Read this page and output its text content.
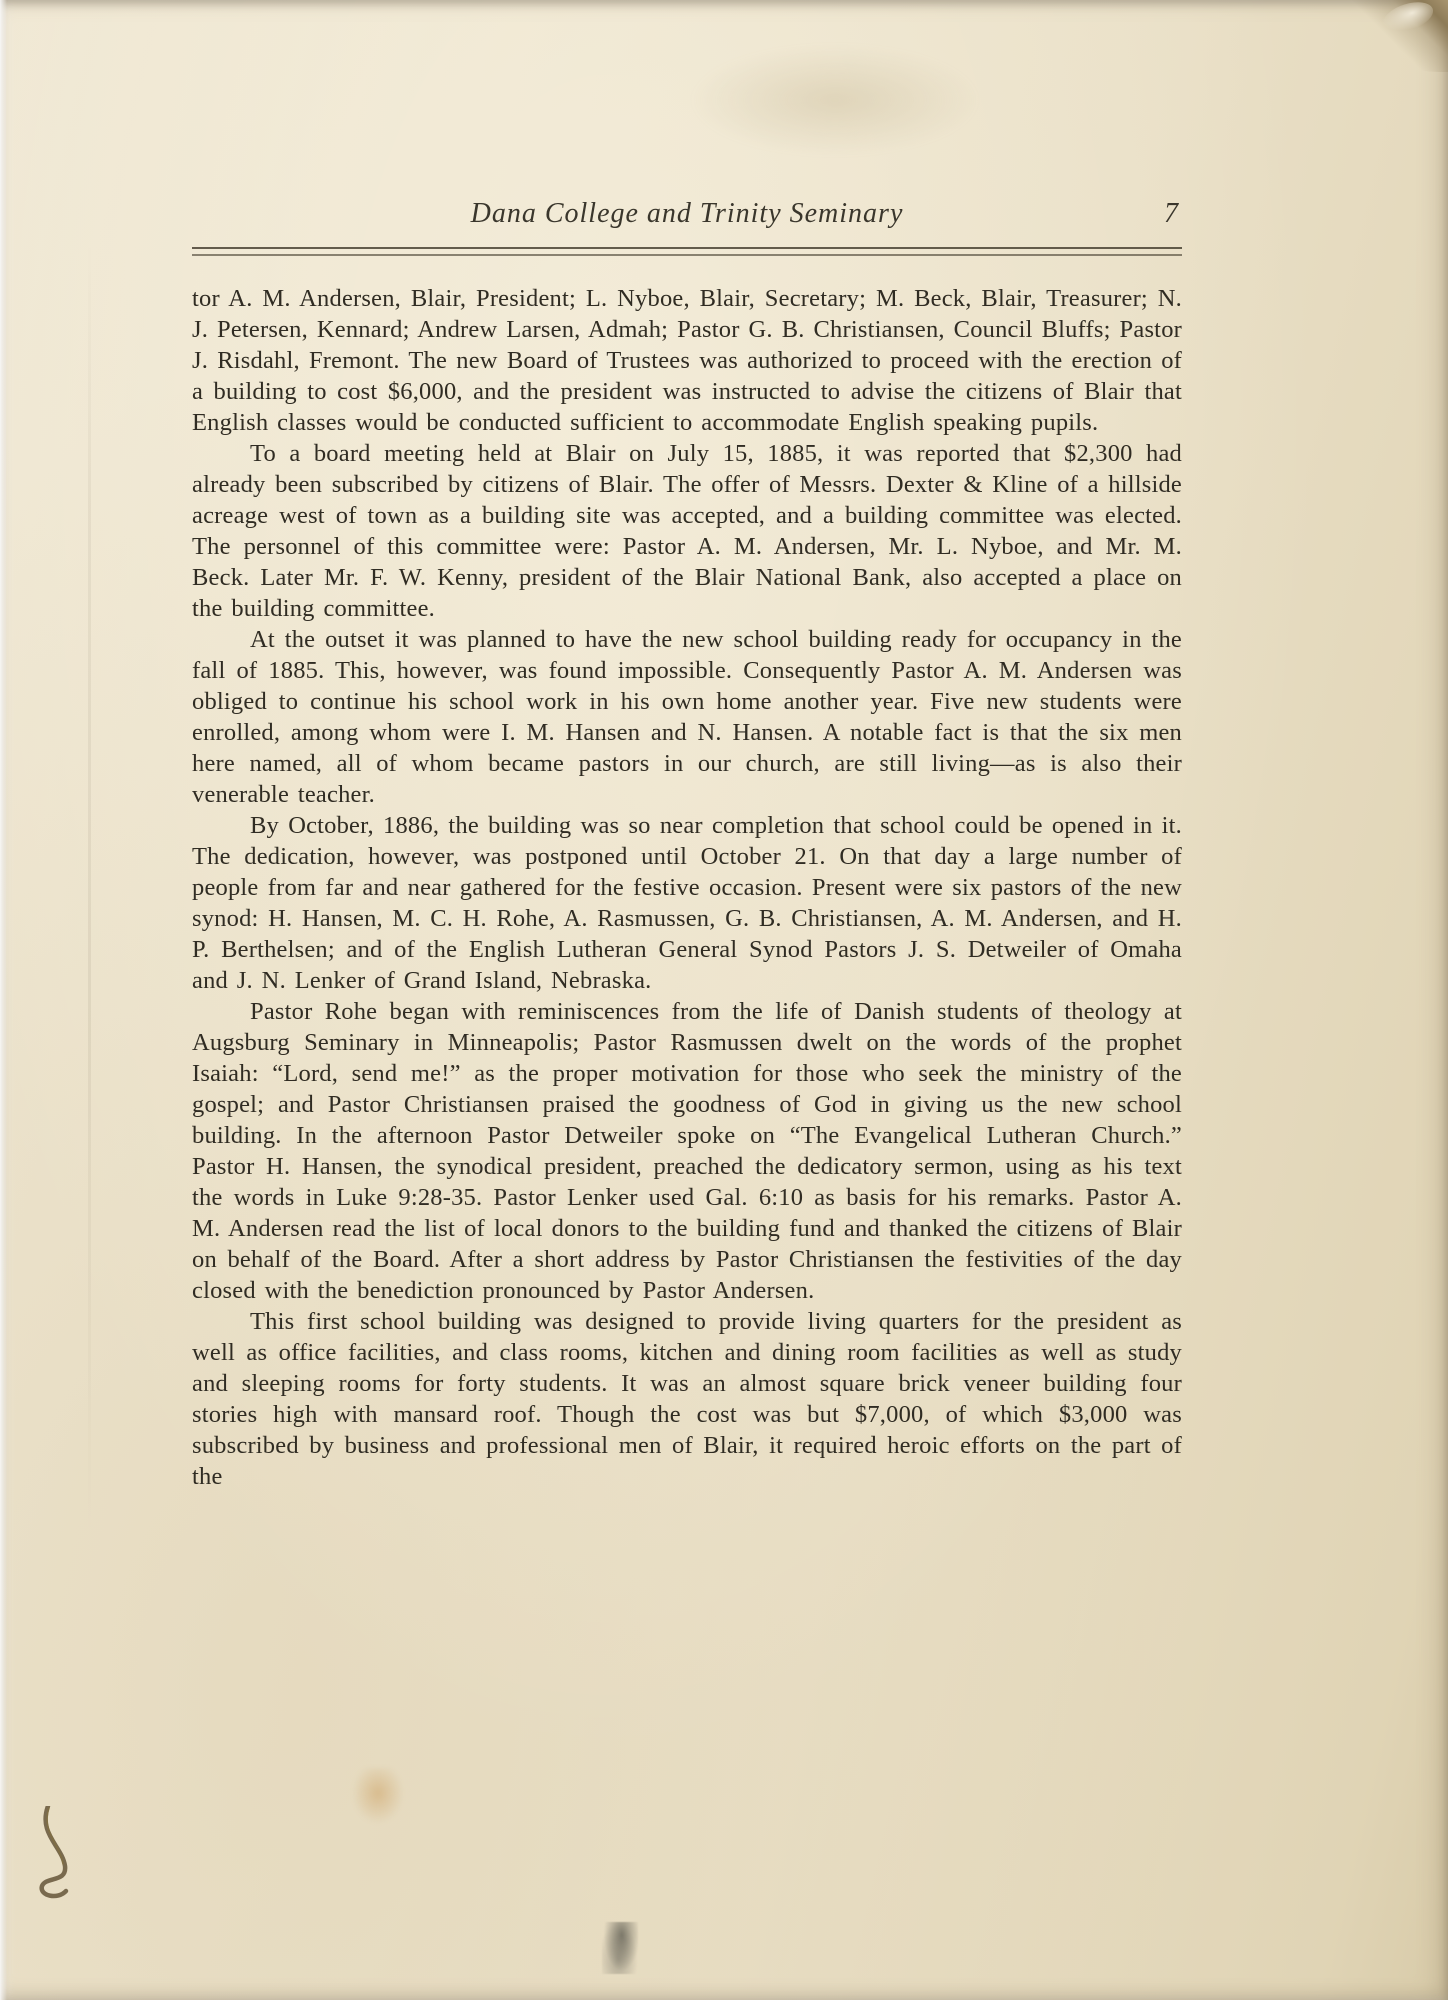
Dana College and Trinity Seminary	7

tor A. M. Andersen, Blair, President; L. Nyboe, Blair, Secretary; M. Beck, Blair, Treasurer; N. J. Petersen, Kennard; Andrew Larsen, Admah; Pastor G. B. Christiansen, Council Bluffs; Pastor J. Risdahl, Fremont. The new Board of Trustees was authorized to proceed with the erection of a building to cost $6,000, and the president was instructed to advise the citizens of Blair that English classes would be conducted sufficient to accommodate English speaking pupils.

To a board meeting held at Blair on July 15, 1885, it was reported that $2,300 had already been subscribed by citizens of Blair. The offer of Messrs. Dexter & Kline of a hillside acreage west of town as a building site was accepted, and a building committee was elected. The personnel of this committee were: Pastor A. M. Andersen, Mr. L. Nyboe, and Mr. M. Beck. Later Mr. F. W. Kenny, president of the Blair National Bank, also accepted a place on the building committee.

At the outset it was planned to have the new school building ready for occupancy in the fall of 1885. This, however, was found impossible. Consequently Pastor A. M. Andersen was obliged to continue his school work in his own home another year. Five new students were enrolled, among whom were I. M. Hansen and N. Hansen. A notable fact is that the six men here named, all of whom became pastors in our church, are still living—as is also their venerable teacher.

By October, 1886, the building was so near completion that school could be opened in it. The dedication, however, was postponed until October 21. On that day a large number of people from far and near gathered for the festive occasion. Present were six pastors of the new synod: H. Hansen, M. C. H. Rohe, A. Rasmussen, G. B. Christiansen, A. M. Andersen, and H. P. Berthelsen; and of the English Lutheran General Synod Pastors J. S. Detweiler of Omaha and J. N. Lenker of Grand Island, Nebraska.

Pastor Rohe began with reminiscences from the life of Danish students of theology at Augsburg Seminary in Minneapolis; Pastor Rasmussen dwelt on the words of the prophet Isaiah: “Lord, send me!” as the proper motivation for those who seek the ministry of the gospel; and Pastor Christiansen praised the goodness of God in giving us the new school building. In the afternoon Pastor Detweiler spoke on “The Evangelical Lutheran Church.” Pastor H. Hansen, the synodical president, preached the dedicatory sermon, using as his text the words in Luke 9:28-35. Pastor Lenker used Gal. 6:10 as basis for his remarks. Pastor A. M. Andersen read the list of local donors to the building fund and thanked the citizens of Blair on behalf of the Board. After a short address by Pastor Christiansen the festivities of the day closed with the benediction pronounced by Pastor Andersen.

This first school building was designed to provide living quarters for the president as well as office facilities, and class rooms, kitchen and dining room facilities as well as study and sleeping rooms for forty students. It was an almost square brick veneer building four stories high with mansard roof. Though the cost was but $7,000, of which $3,000 was subscribed by business and professional men of Blair, it required heroic efforts on the part of the
